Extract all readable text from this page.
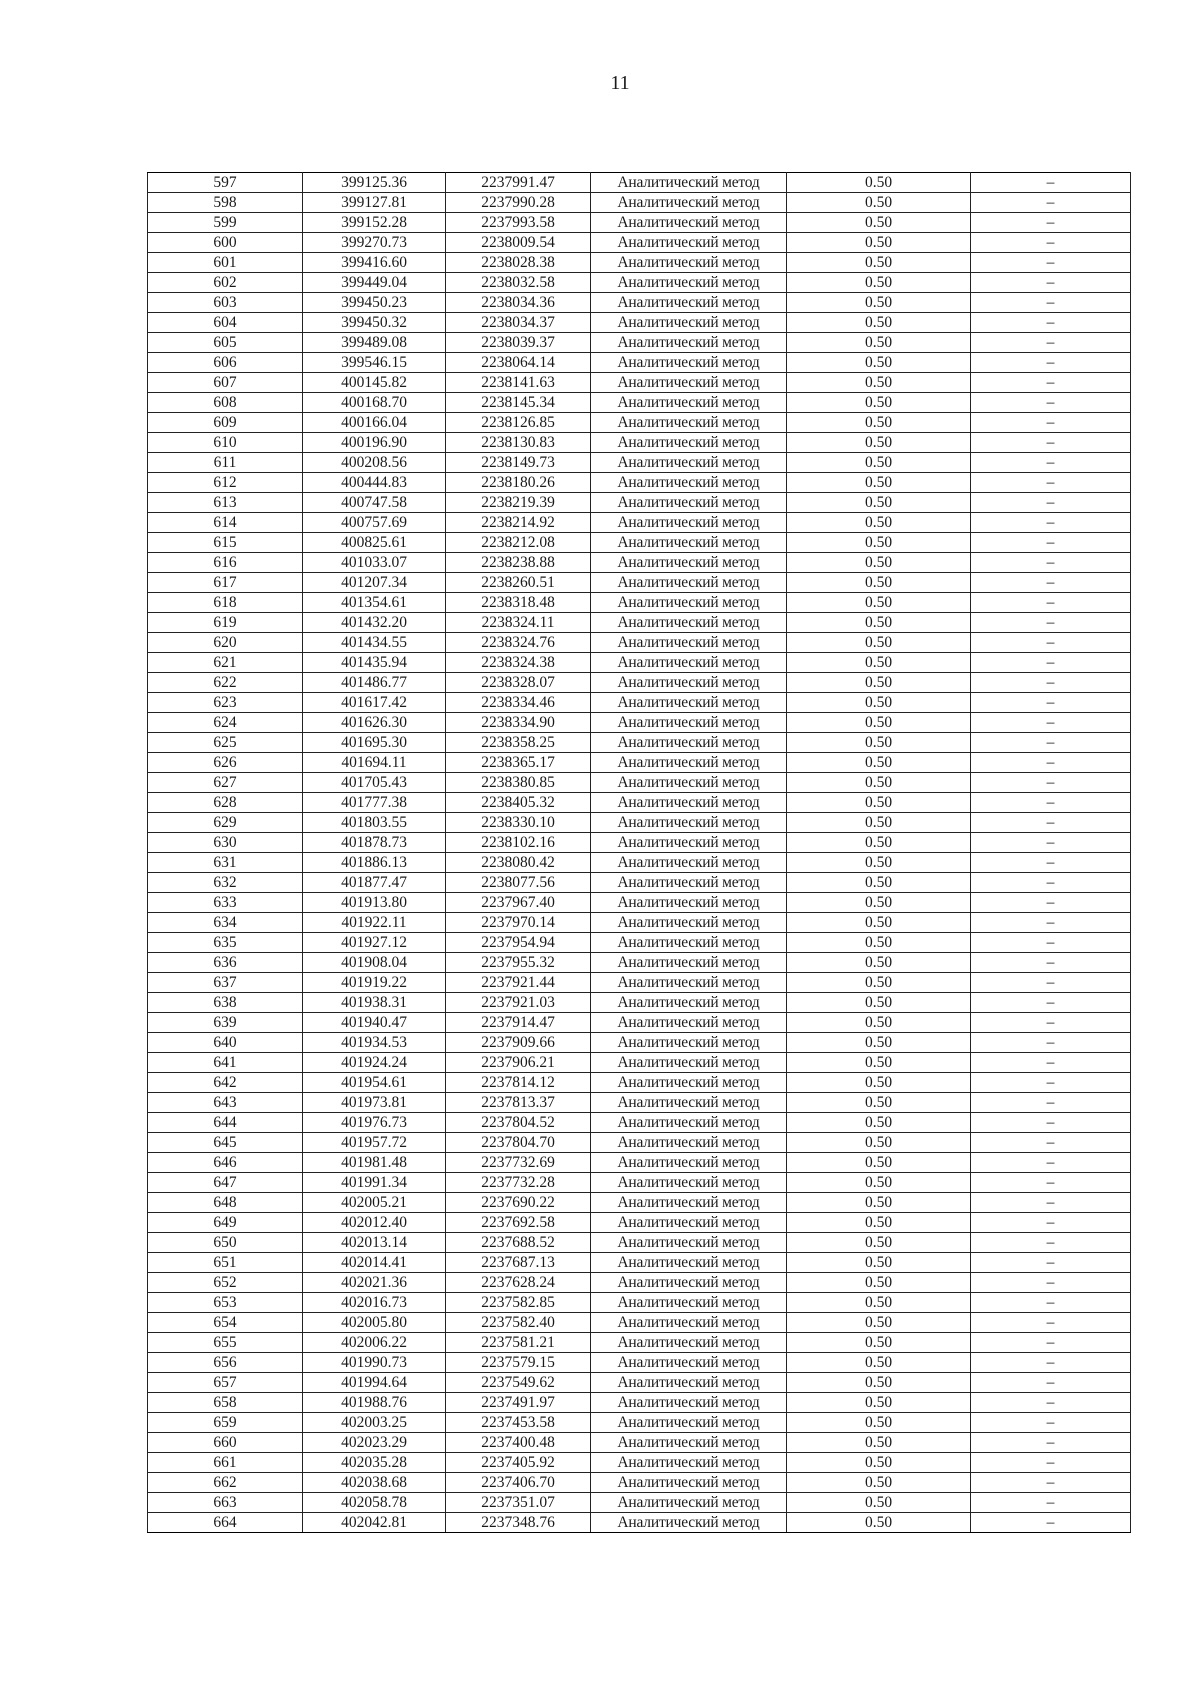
11
597	399125.36	2237991.47	Аналитический метод	0.50	–
598	399127.81	2237990.28	Аналитический метод	0.50	–
599	399152.28	2237993.58	Аналитический метод	0.50	–
600	399270.73	2238009.54	Аналитический метод	0.50	–
601	399416.60	2238028.38	Аналитический метод	0.50	–
602	399449.04	2238032.58	Аналитический метод	0.50	–
603	399450.23	2238034.36	Аналитический метод	0.50	–
604	399450.32	2238034.37	Аналитический метод	0.50	–
605	399489.08	2238039.37	Аналитический метод	0.50	–
606	399546.15	2238064.14	Аналитический метод	0.50	–
607	400145.82	2238141.63	Аналитический метод	0.50	–
608	400168.70	2238145.34	Аналитический метод	0.50	–
609	400166.04	2238126.85	Аналитический метод	0.50	–
610	400196.90	2238130.83	Аналитический метод	0.50	–
611	400208.56	2238149.73	Аналитический метод	0.50	–
612	400444.83	2238180.26	Аналитический метод	0.50	–
613	400747.58	2238219.39	Аналитический метод	0.50	–
614	400757.69	2238214.92	Аналитический метод	0.50	–
615	400825.61	2238212.08	Аналитический метод	0.50	–
616	401033.07	2238238.88	Аналитический метод	0.50	–
617	401207.34	2238260.51	Аналитический метод	0.50	–
618	401354.61	2238318.48	Аналитический метод	0.50	–
619	401432.20	2238324.11	Аналитический метод	0.50	–
620	401434.55	2238324.76	Аналитический метод	0.50	–
621	401435.94	2238324.38	Аналитический метод	0.50	–
622	401486.77	2238328.07	Аналитический метод	0.50	–
623	401617.42	2238334.46	Аналитический метод	0.50	–
624	401626.30	2238334.90	Аналитический метод	0.50	–
625	401695.30	2238358.25	Аналитический метод	0.50	–
626	401694.11	2238365.17	Аналитический метод	0.50	–
627	401705.43	2238380.85	Аналитический метод	0.50	–
628	401777.38	2238405.32	Аналитический метод	0.50	–
629	401803.55	2238330.10	Аналитический метод	0.50	–
630	401878.73	2238102.16	Аналитический метод	0.50	–
631	401886.13	2238080.42	Аналитический метод	0.50	–
632	401877.47	2238077.56	Аналитический метод	0.50	–
633	401913.80	2237967.40	Аналитический метод	0.50	–
634	401922.11	2237970.14	Аналитический метод	0.50	–
635	401927.12	2237954.94	Аналитический метод	0.50	–
636	401908.04	2237955.32	Аналитический метод	0.50	–
637	401919.22	2237921.44	Аналитический метод	0.50	–
638	401938.31	2237921.03	Аналитический метод	0.50	–
639	401940.47	2237914.47	Аналитический метод	0.50	–
640	401934.53	2237909.66	Аналитический метод	0.50	–
641	401924.24	2237906.21	Аналитический метод	0.50	–
642	401954.61	2237814.12	Аналитический метод	0.50	–
643	401973.81	2237813.37	Аналитический метод	0.50	–
644	401976.73	2237804.52	Аналитический метод	0.50	–
645	401957.72	2237804.70	Аналитический метод	0.50	–
646	401981.48	2237732.69	Аналитический метод	0.50	–
647	401991.34	2237732.28	Аналитический метод	0.50	–
648	402005.21	2237690.22	Аналитический метод	0.50	–
649	402012.40	2237692.58	Аналитический метод	0.50	–
650	402013.14	2237688.52	Аналитический метод	0.50	–
651	402014.41	2237687.13	Аналитический метод	0.50	–
652	402021.36	2237628.24	Аналитический метод	0.50	–
653	402016.73	2237582.85	Аналитический метод	0.50	–
654	402005.80	2237582.40	Аналитический метод	0.50	–
655	402006.22	2237581.21	Аналитический метод	0.50	–
656	401990.73	2237579.15	Аналитический метод	0.50	–
657	401994.64	2237549.62	Аналитический метод	0.50	–
658	401988.76	2237491.97	Аналитический метод	0.50	–
659	402003.25	2237453.58	Аналитический метод	0.50	–
660	402023.29	2237400.48	Аналитический метод	0.50	–
661	402035.28	2237405.92	Аналитический метод	0.50	–
662	402038.68	2237406.70	Аналитический метод	0.50	–
663	402058.78	2237351.07	Аналитический метод	0.50	–
664	402042.81	2237348.76	Аналитический метод	0.50	–
